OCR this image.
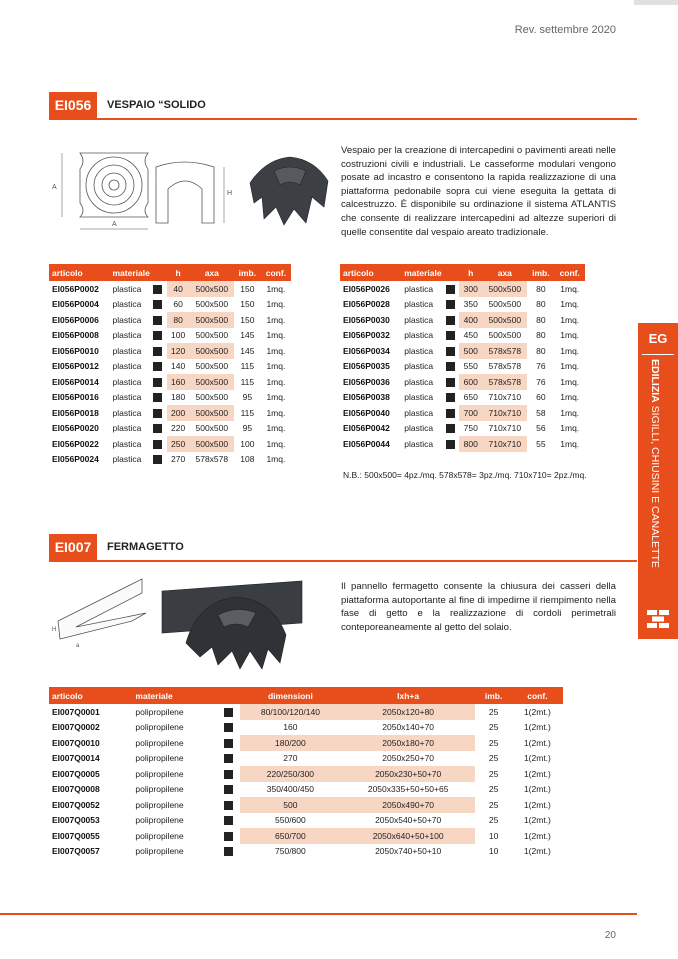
Rev. settembre 2020
EI056	VESPAIO “SOLIDO
A
A
H
Vespaio per la creazione di intercapedini o pavimenti areati nelle costruzioni civili e industriali. Le casseforme modulari vengono posate ad incastro e consentono la rapida realizzazione di una piattaforma pedonabile sopra cui viene eseguita la gettata di calcestruzzo. È disponibile su ordinazione il sistema ATLANTIS che consente di realizzare intercapedini ad altezze superiori di quelle consentite dal vespaio areato tradizionale.
articolo	materiale		h	axa	imb.	conf.
EI056P0002	plastica		40	500x500	150	1mq.
EI056P0004	plastica		60	500x500	150	1mq.
EI056P0006	plastica		80	500x500	150	1mq.
EI056P0008	plastica		100	500x500	145	1mq.
EI056P0010	plastica		120	500x500	145	1mq.
EI056P0012	plastica		140	500x500	115	1mq.
EI056P0014	plastica		160	500x500	115	1mq.
EI056P0016	plastica		180	500x500	95	1mq.
EI056P0018	plastica		200	500x500	115	1mq.
EI056P0020	plastica		220	500x500	95	1mq.
EI056P0022	plastica		250	500x500	100	1mq.
EI056P0024	plastica		270	578x578	108	1mq.
articolo	materiale		h	axa	imb.	conf.
EI056P0026	plastica		300	500x500	80	1mq.
EI056P0028	plastica		350	500x500	80	1mq.
EI056P0030	plastica		400	500x500	80	1mq.
EI056P0032	plastica		450	500x500	80	1mq.
EI056P0034	plastica		500	578x578	80	1mq.
EI056P0035	plastica		550	578x578	76	1mq.
EI056P0036	plastica		600	578x578	76	1mq.
EI056P0038	plastica		650	710x710	60	1mq.
EI056P0040	plastica		700	710x710	58	1mq.
EI056P0042	plastica		750	710x710	56	1mq.
EI056P0044	plastica		800	710x710	55	1mq.
N.B.: 500x500= 4pz./mq. 578x578= 3pz./mq. 710x710= 2pz./mq.
EI007	FERMAGETTO
H
a
Il pannello fermagetto consente la chiusura dei casseri della piattaforma autoportante al fine di impedirne il riempimento nella fase di getto e la realizzazione di cordoli perimetrali conteporeaneamente al getto del solaio.
articolo	materiale		dimensioni	lxh+a	imb.	conf.
EI007Q0001	polipropilene		80/100/120/140	2050x120+80	25	1(2mt.)
EI007Q0002	polipropilene		160	2050x140+70	25	1(2mt.)
EI007Q0010	polipropilene		180/200	2050x180+70	25	1(2mt.)
EI007Q0014	polipropilene		270	2050x250+70	25	1(2mt.)
EI007Q0005	polipropilene		220/250/300	2050x230+50+70	25	1(2mt.)
EI007Q0008	polipropilene		350/400/450	2050x335+50+50+65	25	1(2mt.)
EI007Q0052	polipropilene		500	2050x490+70	25	1(2mt.)
EI007Q0053	polipropilene		550/600	2050x540+50+70	25	1(2mt.)
EI007Q0055	polipropilene		650/700	2050x640+50+100	10	1(2mt.)
EI007Q0057	polipropilene		750/800	2050x740+50+10	10	1(2mt.)
EG
EDILIZIA SIGILLI, CHIUSINI E CANALETTE
20
